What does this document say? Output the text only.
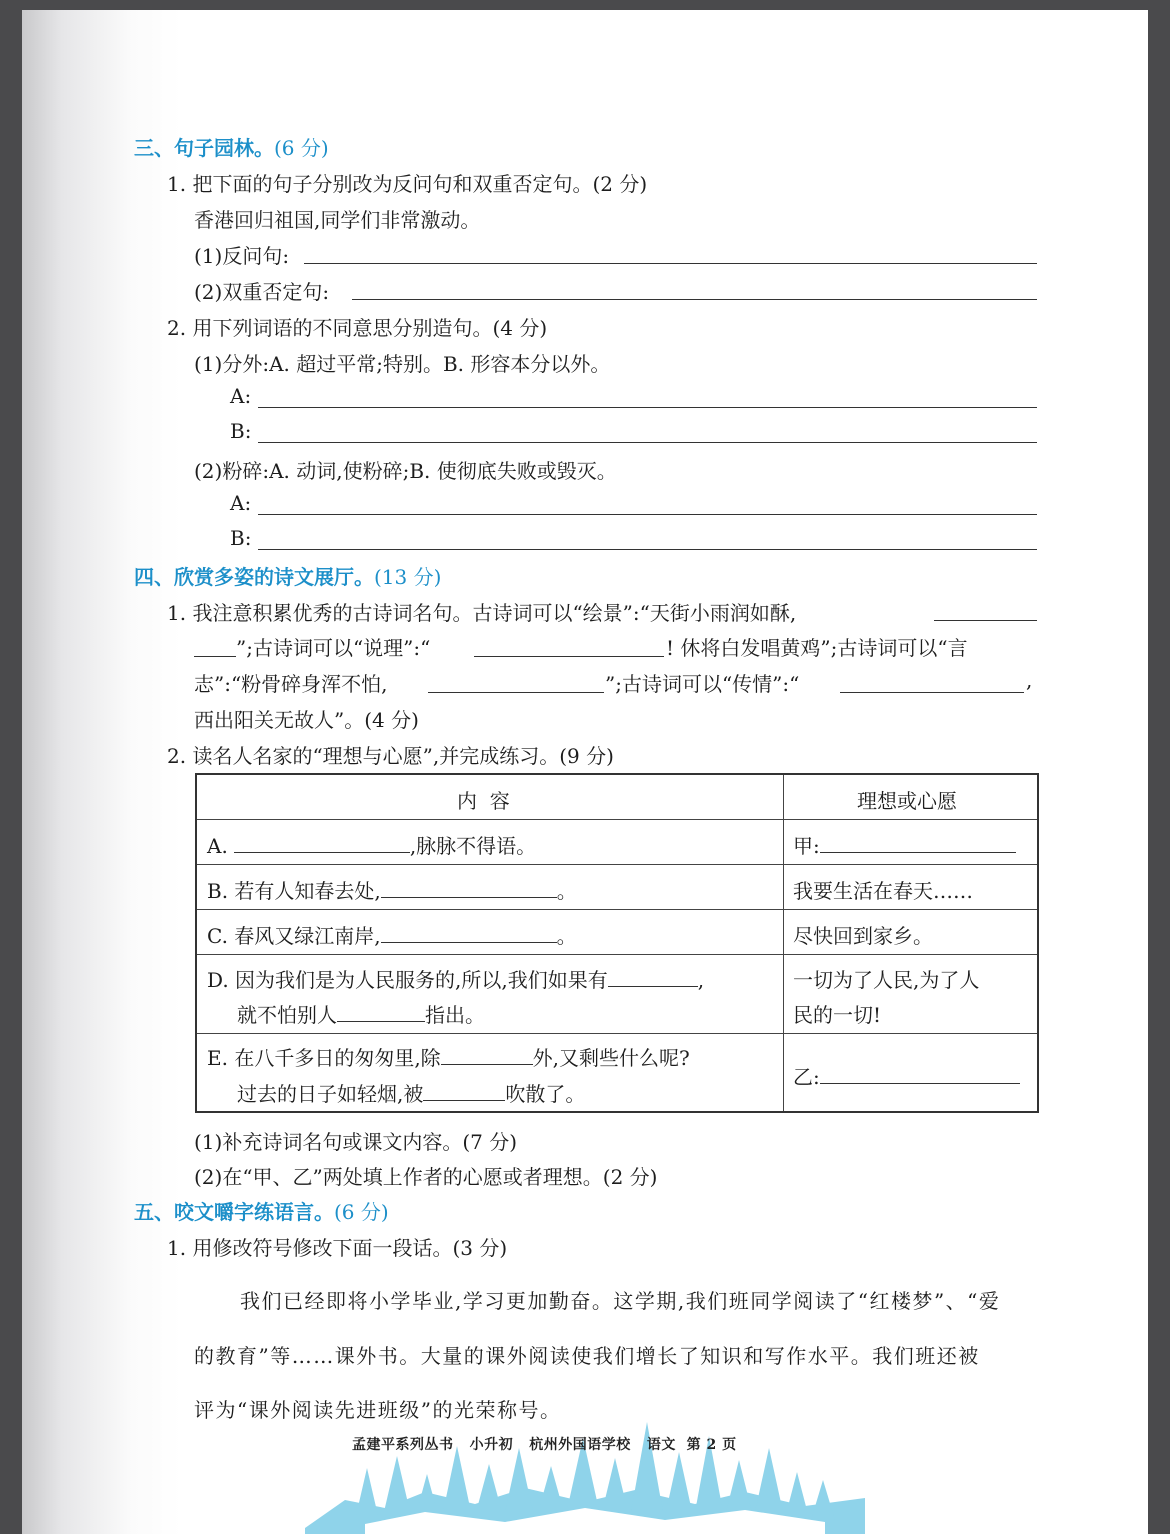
三、句子园林。(6 分)
1. 把下面的句子分别改为反问句和双重否定句。(2 分)
香港回归祖国,同学们非常激动。
(1)反问句:
(2)双重否定句:
2. 用下列词语的不同意思分别造句。(4 分)
(1)分外:A. 超过平常;特别。B. 形容本分以外。
A:
B:
(2)粉碎:A. 动词,使粉碎;B. 使彻底失败或毁灭。
A:
B:
四、欣赏多姿的诗文展厅。(13 分)
1. 我注意积累优秀的古诗词名句。古诗词可以“绘景”:“天街小雨润如酥,
”;古诗词可以“说理”:“	! 休将白发唱黄鸡”;古诗词可以“言
志”:“粉骨碎身浑不怕,	”;古诗词可以“传情”:“	,
西出阳关无故人”。(4 分)
2. 读名人名家的“理想与心愿”,并完成练习。(9 分)
内  容	理想或心愿
A.	,脉脉不得语。	甲:
B. 若有人知春去处,	。	我要生活在春天……
C. 春风又绿江南岸,	。	尽快回到家乡。
D. 因为我们是为人民服务的,所以,我们如果有	,
就不怕别人	指出。
一切为了人民,为了人
民的一切!
E. 在八千多日的匆匆里,除	外,又剩些什么呢?
过去的日子如轻烟,被	吹散了。
乙:
(1)补充诗词名句或课文内容。(7 分)
(2)在“甲、乙”两处填上作者的心愿或者理想。(2 分)
五、咬文嚼字练语言。(6 分)
1. 用修改符号修改下面一段话。(3 分)
我们已经即将小学毕业,学习更加勤奋。这学期,我们班同学阅读了“红楼梦”、“爱
的教育”等……课外书。大量的课外阅读使我们增长了知识和写作水平。我们班还被
评为“课外阅读先进班级”的光荣称号。
孟建平系列丛书 小升初 杭州外国语学校 语文 第 2 页
